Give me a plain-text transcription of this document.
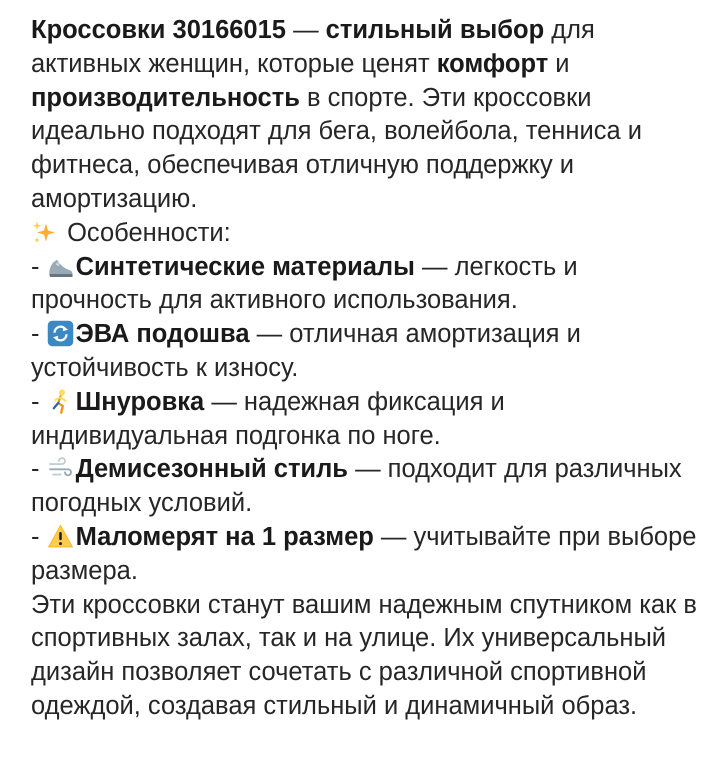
Кроссовки 30166015 — стильный выбор для активных женщин, которые ценят комфорт и производительность в спорте. Эти кроссовки идеально подходят для бега, волейбола, тенниса и фитнеса, обеспечивая отличную поддержку и амортизацию.

Особенности:

-
Синтетические материалы — легкость и прочность для активного использования.

-
ЭВА подошва — отличная амортизация и устойчивость к износу.

-
Шнуровка — надежная фиксация и индивидуальная подгонка по ноге.

-
Демисезонный стиль — подходит для различных погодных условий.

-
Маломерят на 1 размер — учитывайте при выборе размера.

Эти кроссовки станут вашим надежным спутником как в спортивных залах, так и на улице. Их универсальный дизайн позволяет сочетать с различной спортивной одеждой, создавая стильный и динамичный образ.
